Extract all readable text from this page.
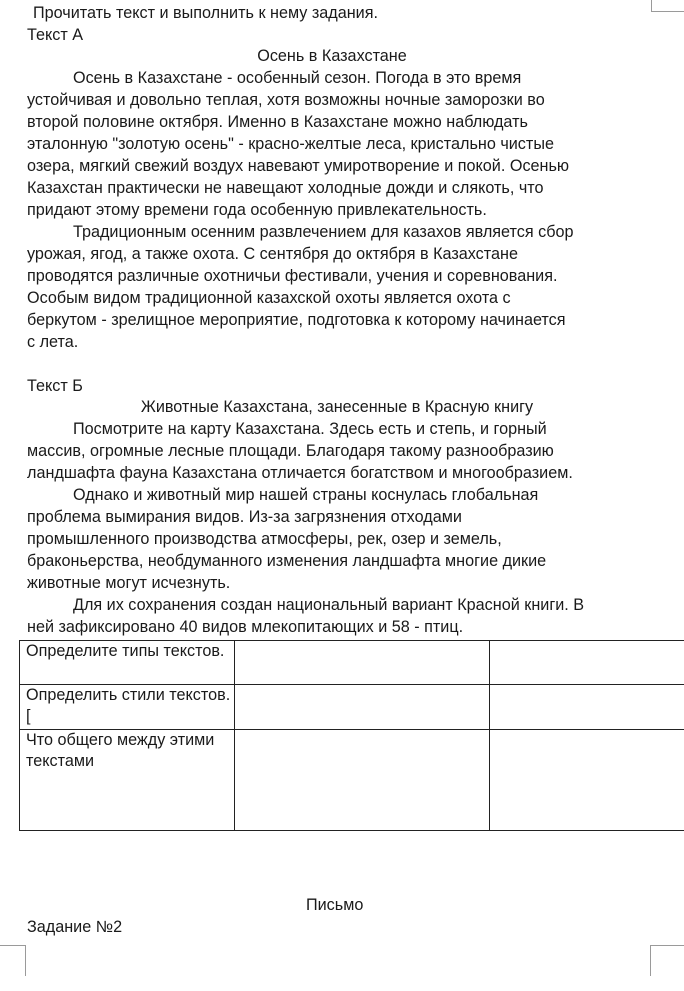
Прочитать текст и выполнить к нему задания.
Текст А
Осень в Казахстане
Осень в Казахстане - особенный сезон. Погода в это время
устойчивая и довольно теплая, хотя возможны ночные заморозки во
второй половине октября. Именно в Казахстане можно наблюдать
эталонную "золотую осень" - красно-желтые леса, кристально чистые
озера, мягкий свежий воздух навевают умиротворение и покой. Осенью
Казахстан практически не навещают холодные дожди и слякоть, что
придают этому времени года особенную привлекательность.
Традиционным осенним развлечением для казахов является сбор
урожая, ягод, а также охота. С сентября до октября в Казахстане
проводятся различные охотничьи фестивали, учения и соревнования.
Особым видом традиционной казахской охоты является охота с
беркутом - зрелищное мероприятие, подготовка к которому начинается
с лета.
Текст Б
Животные Казахстана, занесенные в Красную книгу
Посмотрите на карту Казахстана. Здесь есть и степь, и горный
массив, огромные лесные площади. Благодаря такому разнообразию
ландшафта фауна Казахстана отличается богатством и многообразием.
Однако и животный мир нашей страны коснулась глобальная
проблема вымирания видов. Из-за загрязнения отходами
промышленного производства атмосферы, рек, озер и земель,
браконьерства, необдуманного изменения ландшафта многие дикие
животные могут исчезнуть.
Для их сохранения создан национальный вариант Красной книги. В
ней зафиксировано 40 видов млекопитающих и 58 - птиц.
Определите типы текстов.		
Определить стили текстов.[		
Что общего между этими текстами		
Письмо
Задание №2
